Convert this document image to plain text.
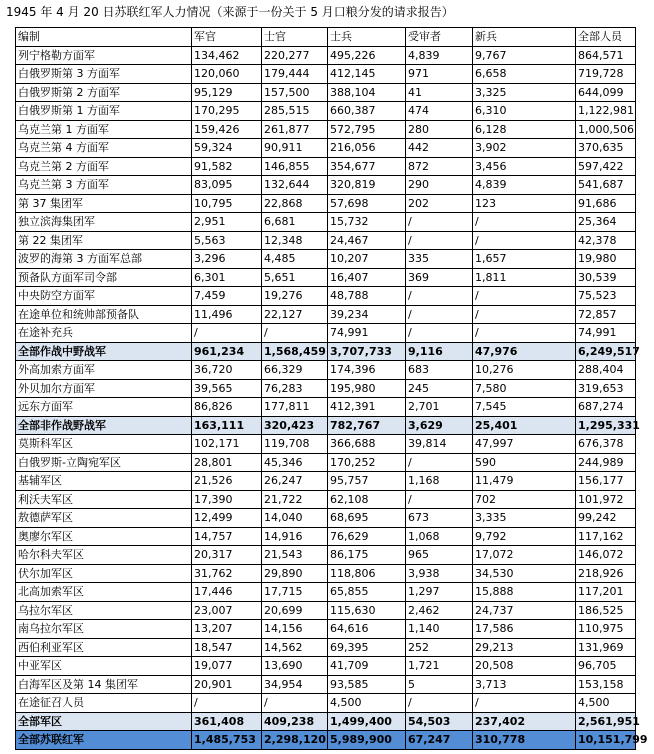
1945 年 4 月 20 日苏联红军人力情况（来源于一份关于 5 月口粮分发的请求报告）
编制	军官	士官	士兵	受审者	新兵	全部人员
列宁格勒方面军	134,462	220,277	495,226	4,839	9,767	864,571
白俄罗斯第 3 方面军	120,060	179,444	412,145	971	6,658	719,728
白俄罗斯第 2 方面军	95,129	157,500	388,104	41	3,325	644,099
白俄罗斯第 1 方面军	170,295	285,515	660,387	474	6,310	1,122,981
乌克兰第 1 方面军	159,426	261,877	572,795	280	6,128	1,000,506
乌克兰第 4 方面军	59,324	90,911	216,056	442	3,902	370,635
乌克兰第 2 方面军	91,582	146,855	354,677	872	3,456	597,422
乌克兰第 3 方面军	83,095	132,644	320,819	290	4,839	541,687
第 37 集团军	10,795	22,868	57,698	202	123	91,686
独立滨海集团军	2,951	6,681	15,732	/	/	25,364
第 22 集团军	5,563	12,348	24,467	/	/	42,378
波罗的海第 3 方面军总部	3,296	4,485	10,207	335	1,657	19,980
预备队方面军司令部	6,301	5,651	16,407	369	1,811	30,539
中央防空方面军	7,459	19,276	48,788	/	/	75,523
在途单位和统帅部预备队	11,496	22,127	39,234	/	/	72,857
在途补充兵	/	/	74,991	/	/	74,991
全部作战中野战军	961,234	1,568,459	3,707,733	9,116	47,976	6,249,517
外高加索方面军	36,720	66,329	174,396	683	10,276	288,404
外贝加尔方面军	39,565	76,283	195,980	245	7,580	319,653
远东方面军	86,826	177,811	412,391	2,701	7,545	687,274
全部非作战野战军	163,111	320,423	782,767	3,629	25,401	1,295,331
莫斯科军区	102,171	119,708	366,688	39,814	47,997	676,378
白俄罗斯-立陶宛军区	28,801	45,346	170,252	/	590	244,989
基辅军区	21,526	26,247	95,757	1,168	11,479	156,177
利沃夫军区	17,390	21,722	62,108	/	702	101,972
敖德萨军区	12,499	14,040	68,695	673	3,335	99,242
奥廖尔军区	14,757	14,916	76,629	1,068	9,792	117,162
哈尔科夫军区	20,317	21,543	86,175	965	17,072	146,072
伏尔加军区	31,762	29,890	118,806	3,938	34,530	218,926
北高加索军区	17,446	17,715	65,855	1,297	15,888	117,201
乌拉尔军区	23,007	20,699	115,630	2,462	24,737	186,525
南乌拉尔军区	13,207	14,156	64,616	1,140	17,586	110,975
西伯利亚军区	18,547	14,562	69,395	252	29,213	131,969
中亚军区	19,077	13,690	41,709	1,721	20,508	96,705
白海军区及第 14 集团军	20,901	34,954	93,585	5	3,713	153,158
在途征召人员	/	/	4,500	/	/	4,500
全部军区	361,408	409,238	1,499,400	54,503	237,402	2,561,951
全部苏联红军	1,485,753	2,298,120	5,989,900	67,247	310,778	10,151,799
